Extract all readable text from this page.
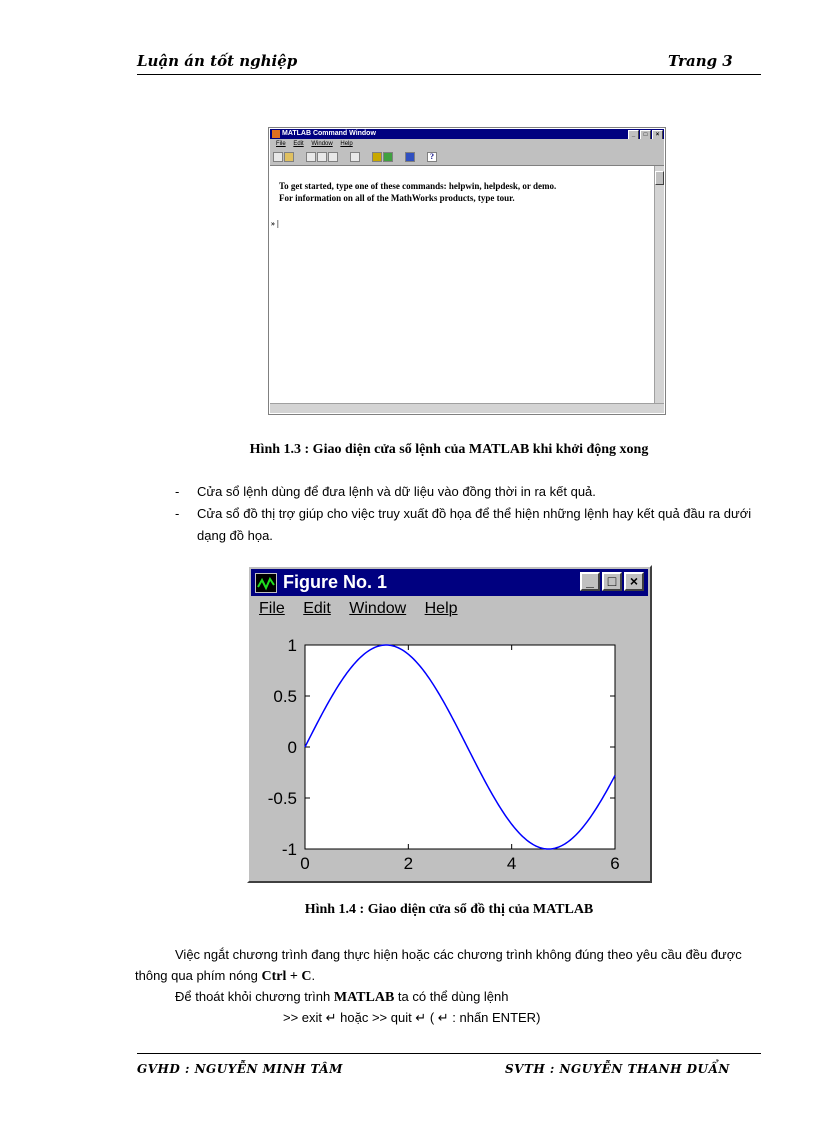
Luận án tốt nghiệp	Trang 3
MATLAB Command Window	_	□	×
File Edit Window Help
?
To get started, type one of these commands: helpwin, helpdesk, or demo.
For information on all of the MathWorks products, type tour.
» |
Hình 1.3 : Giao diện cửa sổ lệnh của MATLAB khi khởi động xong
- Cửa sổ lệnh dùng để đưa lệnh và dữ liệu vào đồng thời in ra kết quả.
- Cửa sổ đồ thị trợ giúp cho việc truy xuất đồ họa để thể hiện những lệnh hay kết quả đầu ra dưới dạng đồ họa.
Figure No. 1	_ □ ×
File Edit Window Help
0	2	4	6
1
0.5
0
-0.5
-1
Hình 1.4 : Giao diện cửa sổ đồ thị của MATLAB
Việc ngắt chương trình đang thực hiện hoặc các chương trình không đúng theo yêu cầu đều được thông qua phím nóng Ctrl + C.
Để thoát khỏi chương trình MATLAB ta có thể dùng lệnh
>> exit ↵ hoặc >> quit ↵ ( ↵ : nhấn ENTER)
GVHD : NGUYỄN MINH TÂM	SVTH : NGUYỄN THANH DUẨN
